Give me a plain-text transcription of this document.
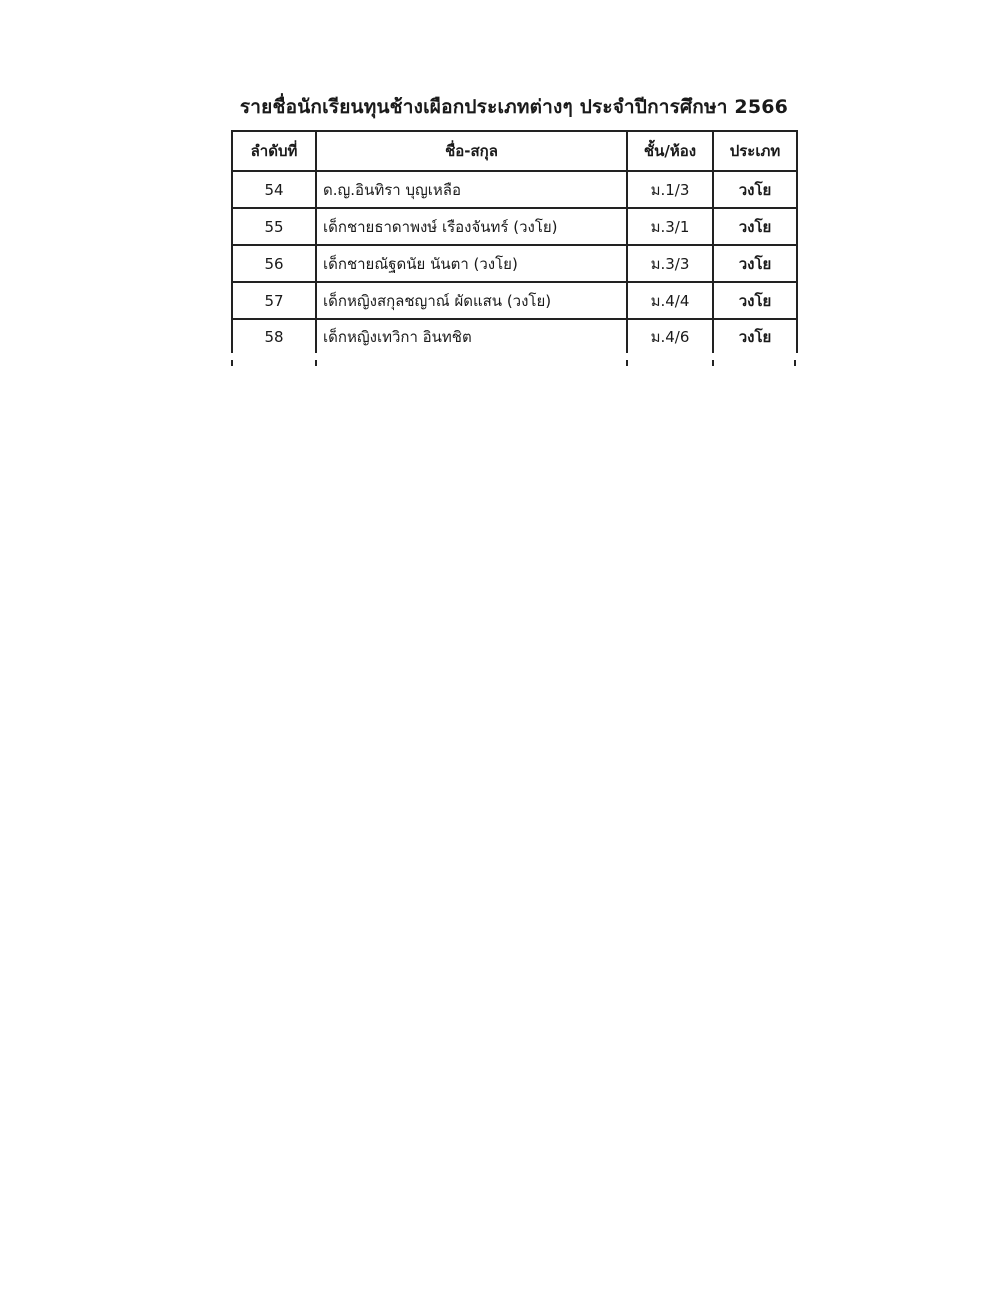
รายชื่อนักเรียนทุนช้างเผือกประเภทต่างๆ ประจำปีการศึกษา 2566
ลำดับที่	ชื่อ-สกุล	ชั้น/ห้อง	ประเภท
54	ด.ญ.อินทิรา บุญเหลือ	ม.1/3	วงโย
55	เด็กชายธาดาพงษ์ เรืองจันทร์ (วงโย)	ม.3/1	วงโย
56	เด็กชายณัฐดนัย นันตา (วงโย)	ม.3/3	วงโย
57	เด็กหญิงสกุลชญาณ์ ผัดแสน (วงโย)	ม.4/4	วงโย
58	เด็กหญิงเทวิกา อินทชิต	ม.4/6	วงโย
